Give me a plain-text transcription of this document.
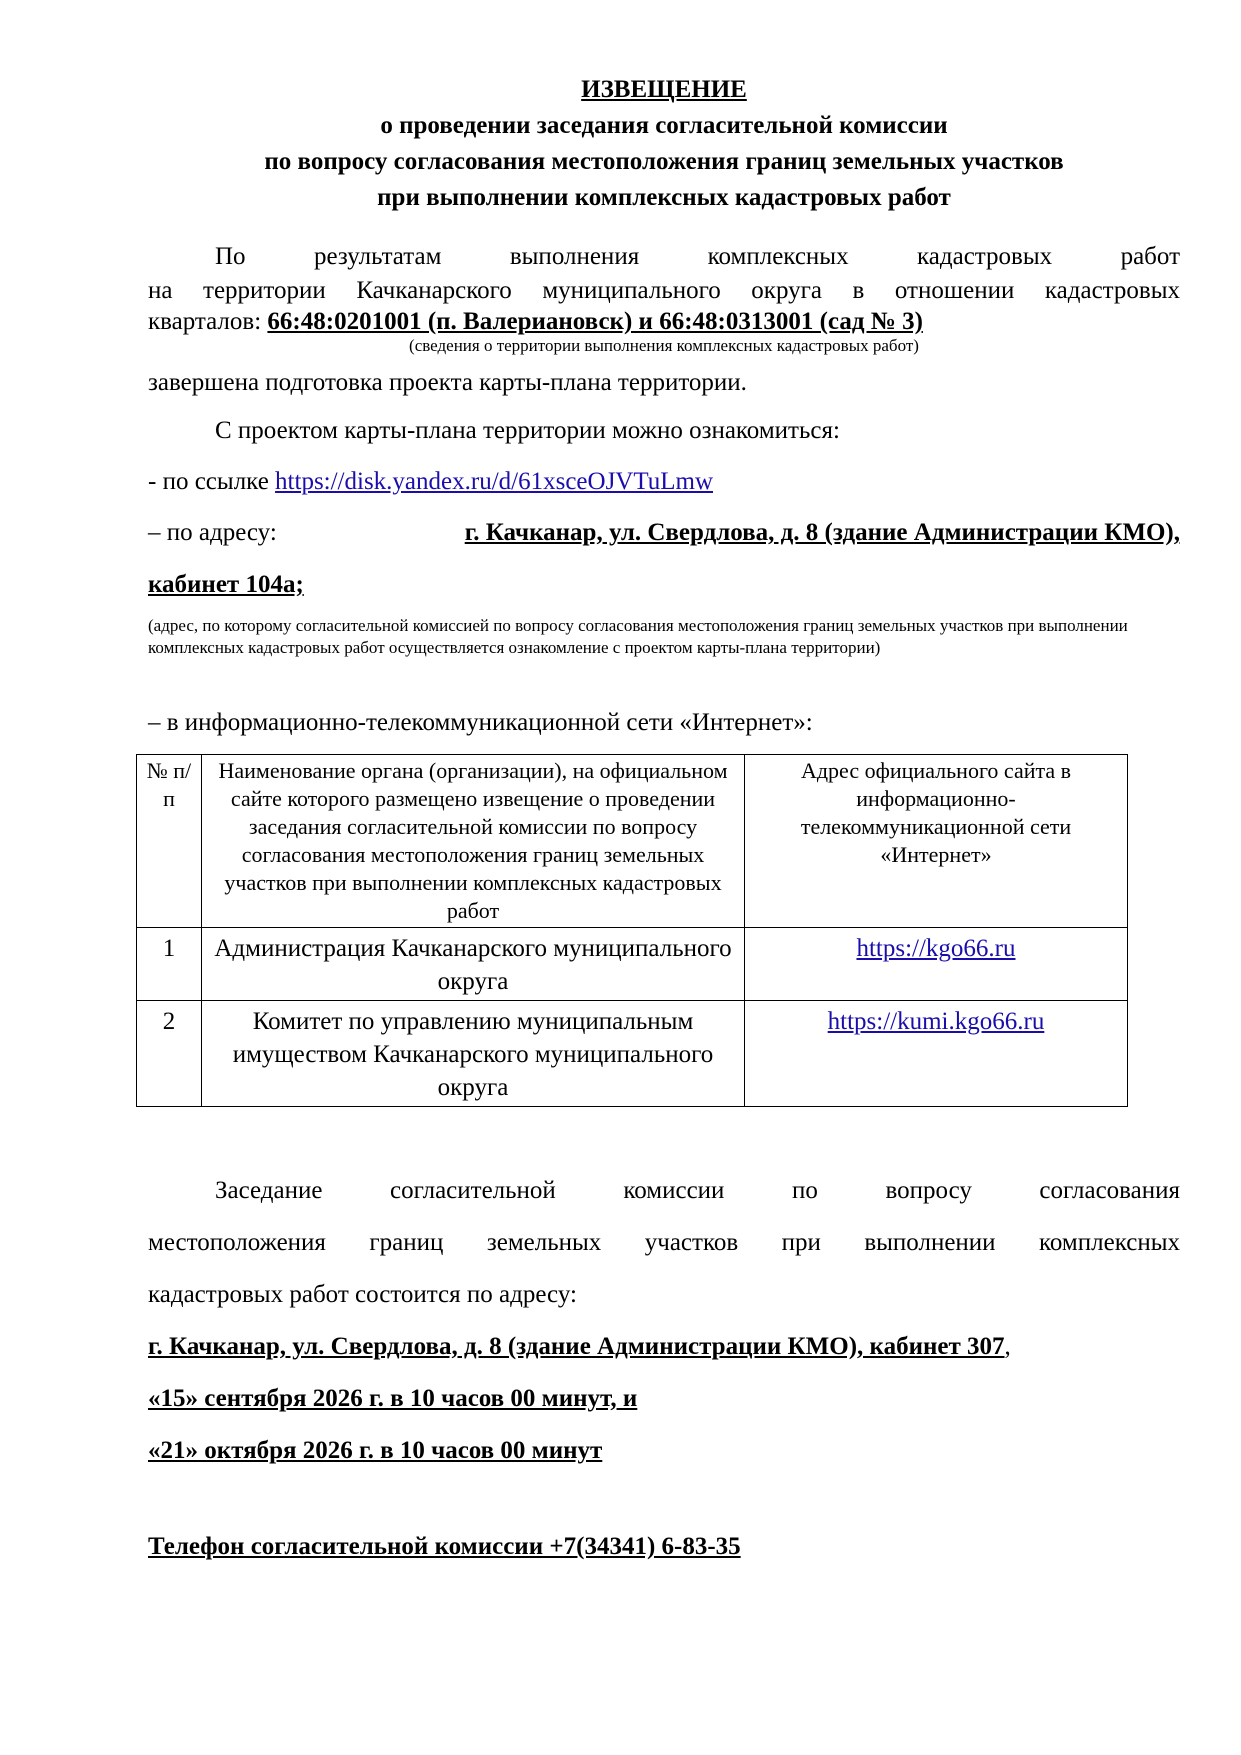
ИЗВЕЩЕНИЕ
о проведении заседания согласительной комиссии
по вопросу согласования местоположения границ земельных участков
при выполнении комплексных кадастровых работ
По результатам выполнения комплексных кадастровых работ
на территории Качканарского муниципального округа в отношении кадастровых
кварталов: 66:48:0201001 (п. Валериановск) и 66:48:0313001 (сад № 3)
(сведения о территории выполнения комплексных кадастровых работ)
завершена подготовка проекта карты-плана территории.
С проектом карты-плана территории можно ознакомиться:
- по ссылке https://disk.yandex.ru/d/61xsceOJVTuLmw
– по адресу:	г. Качканар, ул. Свердлова, д. 8 (здание Администрации КМО),
кабинет 104а;
(адрес, по которому согласительной комиссией по вопросу согласования местоположения границ земельных участков при выполнении комплексных кадастровых работ осуществляется ознакомление с проектом карты-плана территории)
– в информационно-телекоммуникационной сети «Интернет»:
№ п/п	Наименование органа (организации), на официальном сайте которого размещено извещение о проведении заседания согласительной комиссии по вопросу согласования местоположения границ земельных участков при выполнении комплексных кадастровых работ	Адрес официального сайта в информационно-телекоммуникационной сети «Интернет»
1	Администрация Качканарского муниципального округа	https://kgo66.ru
2	Комитет по управлению муниципальным имуществом Качканарского муниципального округа	https://kumi.kgo66.ru
Заседание согласительной комиссии по вопросу согласования
местоположения границ земельных участков при выполнении комплексных
кадастровых работ состоится по адресу:
г. Качканар, ул. Свердлова, д. 8 (здание Администрации КМО), кабинет 307,
«15» сентября 2026 г. в 10 часов 00 минут, и
«21» октября 2026 г. в 10 часов 00 минут
Телефон согласительной комиссии +7(34341) 6-83-35
